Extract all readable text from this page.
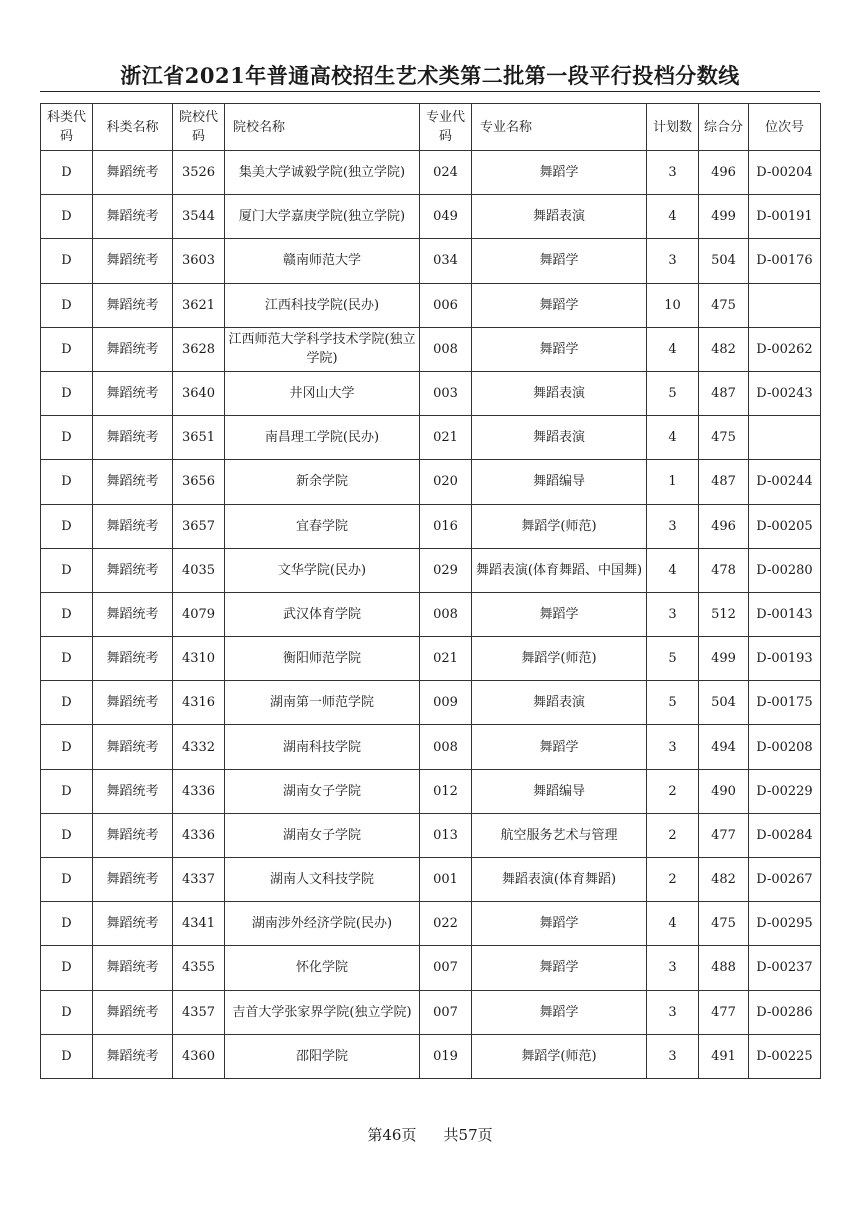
浙江省2021年普通高校招生艺术类第二批第一段平行投档分数线
科类代码	科类名称	院校代码	院校名称	专业代码	专业名称	计划数	综合分	位次号
D	舞蹈统考	3526	集美大学诚毅学院(独立学院)	024	舞蹈学	3	496	D-00204
D	舞蹈统考	3544	厦门大学嘉庚学院(独立学院)	049	舞蹈表演	4	499	D-00191
D	舞蹈统考	3603	赣南师范大学	034	舞蹈学	3	504	D-00176
D	舞蹈统考	3621	江西科技学院(民办)	006	舞蹈学	10	475	
D	舞蹈统考	3628	江西师范大学科学技术学院(独立学院)	008	舞蹈学	4	482	D-00262
D	舞蹈统考	3640	井冈山大学	003	舞蹈表演	5	487	D-00243
D	舞蹈统考	3651	南昌理工学院(民办)	021	舞蹈表演	4	475	
D	舞蹈统考	3656	新余学院	020	舞蹈编导	1	487	D-00244
D	舞蹈统考	3657	宜春学院	016	舞蹈学(师范)	3	496	D-00205
D	舞蹈统考	4035	文华学院(民办)	029	舞蹈表演(体育舞蹈、中国舞)	4	478	D-00280
D	舞蹈统考	4079	武汉体育学院	008	舞蹈学	3	512	D-00143
D	舞蹈统考	4310	衡阳师范学院	021	舞蹈学(师范)	5	499	D-00193
D	舞蹈统考	4316	湖南第一师范学院	009	舞蹈表演	5	504	D-00175
D	舞蹈统考	4332	湖南科技学院	008	舞蹈学	3	494	D-00208
D	舞蹈统考	4336	湖南女子学院	012	舞蹈编导	2	490	D-00229
D	舞蹈统考	4336	湖南女子学院	013	航空服务艺术与管理	2	477	D-00284
D	舞蹈统考	4337	湖南人文科技学院	001	舞蹈表演(体育舞蹈)	2	482	D-00267
D	舞蹈统考	4341	湖南涉外经济学院(民办)	022	舞蹈学	4	475	D-00295
D	舞蹈统考	4355	怀化学院	007	舞蹈学	3	488	D-00237
D	舞蹈统考	4357	吉首大学张家界学院(独立学院)	007	舞蹈学	3	477	D-00286
D	舞蹈统考	4360	邵阳学院	019	舞蹈学(师范)	3	491	D-00225
第46页 共57页
